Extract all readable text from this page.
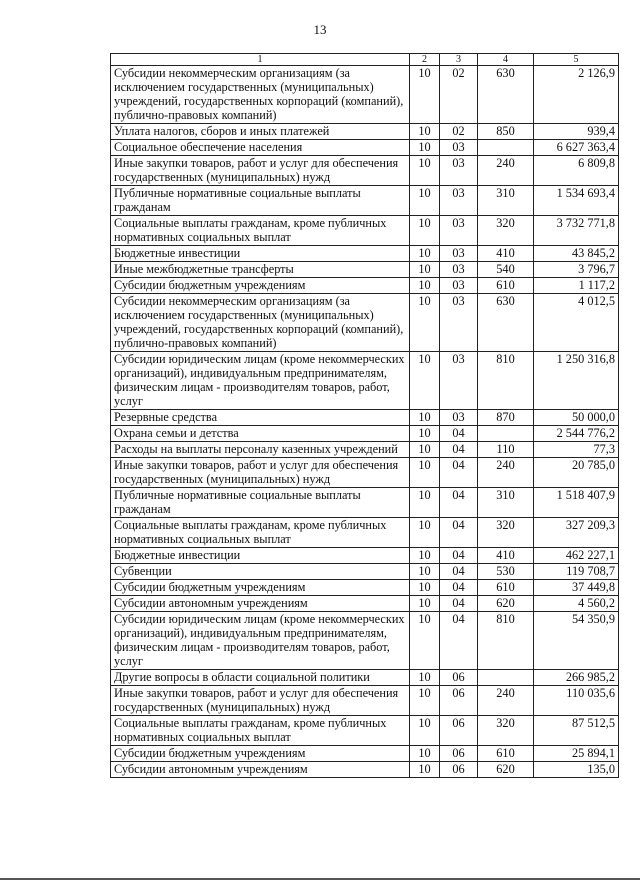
13
1	2	3	4	5
Субсидии некоммерческим организациям (за исключением государственных (муниципальных) учреждений, государственных корпораций (компаний), публично-правовых компаний)	10	02	630	2 126,9
Уплата налогов, сборов и иных платежей	10	02	850	939,4
Социальное обеспечение населения	10	03		6 627 363,4
Иные закупки товаров, работ и услуг для обеспечения государственных (муниципальных) нужд	10	03	240	6 809,8
Публичные нормативные социальные выплаты гражданам	10	03	310	1 534 693,4
Социальные выплаты гражданам, кроме публичных нормативных социальных выплат	10	03	320	3 732 771,8
Бюджетные инвестиции	10	03	410	43 845,2
Иные межбюджетные трансферты	10	03	540	3 796,7
Субсидии бюджетным учреждениям	10	03	610	1 117,2
Субсидии некоммерческим организациям (за исключением государственных (муниципальных) учреждений, государственных корпораций (компаний), публично-правовых компаний)	10	03	630	4 012,5
Субсидии юридическим лицам (кроме некоммерческих организаций), индивидуальным предпринимателям, физическим лицам - производителям товаров, работ, услуг	10	03	810	1 250 316,8
Резервные средства	10	03	870	50 000,0
Охрана семьи и детства	10	04		2 544 776,2
Расходы на выплаты персоналу казенных учреждений	10	04	110	77,3
Иные закупки товаров, работ и услуг для обеспечения государственных (муниципальных) нужд	10	04	240	20 785,0
Публичные нормативные социальные выплаты гражданам	10	04	310	1 518 407,9
Социальные выплаты гражданам, кроме публичных нормативных социальных выплат	10	04	320	327 209,3
Бюджетные инвестиции	10	04	410	462 227,1
Субвенции	10	04	530	119 708,7
Субсидии бюджетным учреждениям	10	04	610	37 449,8
Субсидии автономным учреждениям	10	04	620	4 560,2
Субсидии юридическим лицам (кроме некоммерческих организаций), индивидуальным предпринимателям, физическим лицам - производителям товаров, работ, услуг	10	04	810	54 350,9
Другие вопросы в области социальной политики	10	06		266 985,2
Иные закупки товаров, работ и услуг для обеспечения государственных (муниципальных) нужд	10	06	240	110 035,6
Социальные выплаты гражданам, кроме публичных нормативных социальных выплат	10	06	320	87 512,5
Субсидии бюджетным учреждениям	10	06	610	25 894,1
Субсидии автономным учреждениям	10	06	620	135,0
